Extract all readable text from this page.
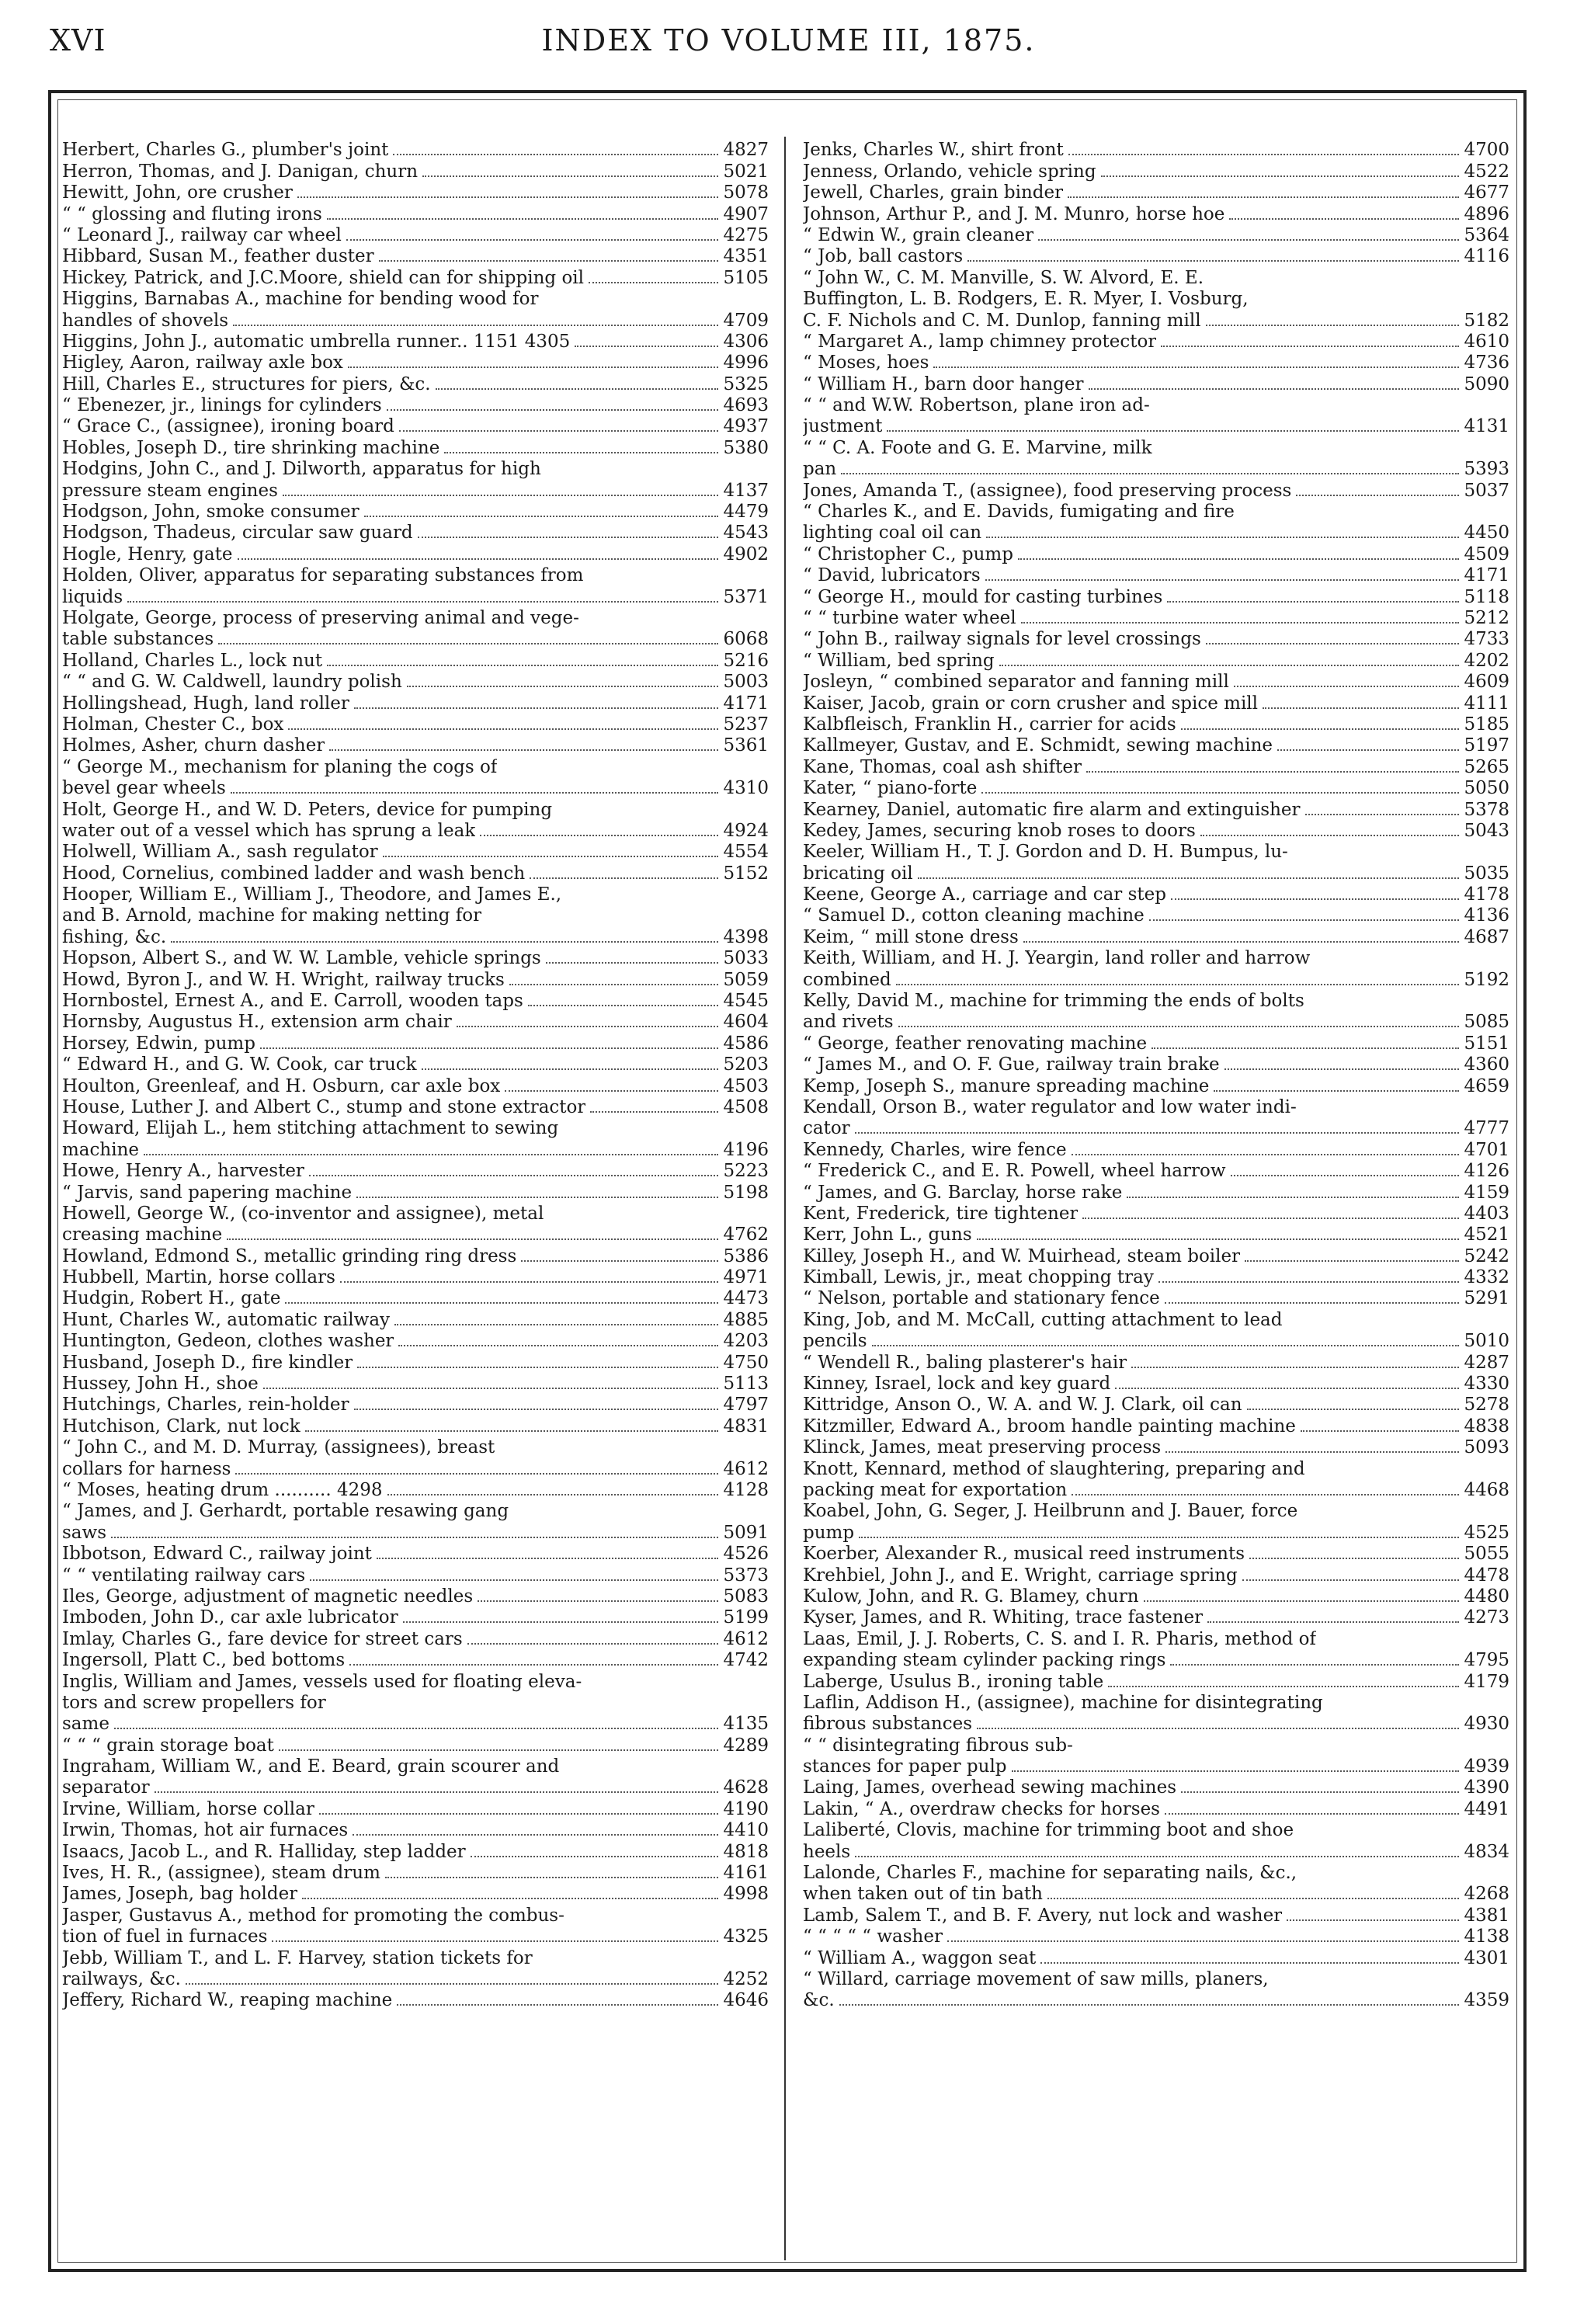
XVI	INDEX TO VOLUME III, 1875.
Herbert, Charles G., plumber's joint	4827
Herron, Thomas, and J. Danigan, churn	5021
Hewitt, John, ore crusher	5078
“ “ glossing and fluting irons	4907
“ Leonard J., railway car wheel	4275
Hibbard, Susan M., feather duster	4351
Hickey, Patrick, and J.C.Moore, shield can for shipping oil	5105
Higgins, Barnabas A., machine for bending wood for
handles of shovels	4709
Higgins, John J., automatic umbrella runner.. 1151 4305	4306
Higley, Aaron, railway axle box	4996
Hill, Charles E., structures for piers, &c.	5325
“ Ebenezer, jr., linings for cylinders	4693
“ Grace C., (assignee), ironing board	4937
Hobles, Joseph D., tire shrinking machine	5380
Hodgins, John C., and J. Dilworth, apparatus for high
pressure steam engines	4137
Hodgson, John, smoke consumer	4479
Hodgson, Thadeus, circular saw guard	4543
Hogle, Henry, gate	4902
Holden, Oliver, apparatus for separating substances from
liquids	5371
Holgate, George, process of preserving animal and vege-
table substances	6068
Holland, Charles L., lock nut	5216
“ “ and G. W. Caldwell, laundry polish	5003
Hollingshead, Hugh, land roller	4171
Holman, Chester C., box	5237
Holmes, Asher, churn dasher	5361
“ George M., mechanism for planing the cogs of
bevel gear wheels	4310
Holt, George H., and W. D. Peters, device for pumping
water out of a vessel which has sprung a leak	4924
Holwell, William A., sash regulator	4554
Hood, Cornelius, combined ladder and wash bench	5152
Hooper, William E., William J., Theodore, and James E.,
and B. Arnold, machine for making netting for
fishing, &c.	4398
Hopson, Albert S., and W. W. Lamble, vehicle springs	5033
Howd, Byron J., and W. H. Wright, railway trucks	5059
Hornbostel, Ernest A., and E. Carroll, wooden taps	4545
Hornsby, Augustus H., extension arm chair	4604
Horsey, Edwin, pump	4586
“ Edward H., and G. W. Cook, car truck	5203
Houlton, Greenleaf, and H. Osburn, car axle box	4503
House, Luther J. and Albert C., stump and stone extractor	4508
Howard, Elijah L., hem stitching attachment to sewing
machine	4196
Howe, Henry A., harvester	5223
“ Jarvis, sand papering machine	5198
Howell, George W., (co-inventor and assignee), metal
creasing machine	4762
Howland, Edmond S., metallic grinding ring dress	5386
Hubbell, Martin, horse collars	4971
Hudgin, Robert H., gate	4473
Hunt, Charles W., automatic railway	4885
Huntington, Gedeon, clothes washer	4203
Husband, Joseph D., fire kindler	4750
Hussey, John H., shoe	5113
Hutchings, Charles, rein-holder	4797
Hutchison, Clark, nut lock	4831
“ John C., and M. D. Murray, (assignees), breast
collars for harness	4612
“ Moses, heating drum .......... 4298	4128
“ James, and J. Gerhardt, portable resawing gang
saws	5091
Ibbotson, Edward C., railway joint	4526
“ “ ventilating railway cars	5373
Iles, George, adjustment of magnetic needles	5083
Imboden, John D., car axle lubricator	5199
Imlay, Charles G., fare device for street cars	4612
Ingersoll, Platt C., bed bottoms	4742
Inglis, William and James, vessels used for floating eleva-
tors and screw propellers for
same	4135
“ “ “ grain storage boat	4289
Ingraham, William W., and E. Beard, grain scourer and
separator	4628
Irvine, William, horse collar	4190
Irwin, Thomas, hot air furnaces	4410
Isaacs, Jacob L., and R. Halliday, step ladder	4818
Ives, H. R., (assignee), steam drum	4161
James, Joseph, bag holder	4998
Jasper, Gustavus A., method for promoting the combus-
tion of fuel in furnaces	4325
Jebb, William T., and L. F. Harvey, station tickets for
railways, &c.	4252
Jeffery, Richard W., reaping machine	4646
Jenks, Charles W., shirt front	4700
Jenness, Orlando, vehicle spring	4522
Jewell, Charles, grain binder	4677
Johnson, Arthur P., and J. M. Munro, horse hoe	4896
“ Edwin W., grain cleaner	5364
“ Job, ball castors	4116
“ John W., C. M. Manville, S. W. Alvord, E. E.
Buffington, L. B. Rodgers, E. R. Myer, I. Vosburg,
C. F. Nichols and C. M. Dunlop, fanning mill	5182
“ Margaret A., lamp chimney protector	4610
“ Moses, hoes	4736
“ William H., barn door hanger	5090
“ “ and W.W. Robertson, plane iron ad-
justment	4131
“ “ C. A. Foote and G. E. Marvine, milk
pan	5393
Jones, Amanda T., (assignee), food preserving process	5037
“ Charles K., and E. Davids, fumigating and fire
lighting coal oil can	4450
“ Christopher C., pump	4509
“ David, lubricators	4171
“ George H., mould for casting turbines	5118
“ “ turbine water wheel	5212
“ John B., railway signals for level crossings	4733
“ William, bed spring	4202
Josleyn, “ combined separator and fanning mill	4609
Kaiser, Jacob, grain or corn crusher and spice mill	4111
Kalbfleisch, Franklin H., carrier for acids	5185
Kallmeyer, Gustav, and E. Schmidt, sewing machine	5197
Kane, Thomas, coal ash shifter	5265
Kater, “ piano-forte	5050
Kearney, Daniel, automatic fire alarm and extinguisher	5378
Kedey, James, securing knob roses to doors	5043
Keeler, William H., T. J. Gordon and D. H. Bumpus, lu-
bricating oil	5035
Keene, George A., carriage and car step	4178
“ Samuel D., cotton cleaning machine	4136
Keim, “ mill stone dress	4687
Keith, William, and H. J. Yeargin, land roller and harrow
combined	5192
Kelly, David M., machine for trimming the ends of bolts
and rivets	5085
“ George, feather renovating machine	5151
“ James M., and O. F. Gue, railway train brake	4360
Kemp, Joseph S., manure spreading machine	4659
Kendall, Orson B., water regulator and low water indi-
cator	4777
Kennedy, Charles, wire fence	4701
“ Frederick C., and E. R. Powell, wheel harrow	4126
“ James, and G. Barclay, horse rake	4159
Kent, Frederick, tire tightener	4403
Kerr, John L., guns	4521
Killey, Joseph H., and W. Muirhead, steam boiler	5242
Kimball, Lewis, jr., meat chopping tray	4332
“ Nelson, portable and stationary fence	5291
King, Job, and M. McCall, cutting attachment to lead
pencils	5010
“ Wendell R., baling plasterer's hair	4287
Kinney, Israel, lock and key guard	4330
Kittridge, Anson O., W. A. and W. J. Clark, oil can	5278
Kitzmiller, Edward A., broom handle painting machine	4838
Klinck, James, meat preserving process	5093
Knott, Kennard, method of slaughtering, preparing and
packing meat for exportation	4468
Koabel, John, G. Seger, J. Heilbrunn and J. Bauer, force
pump	4525
Koerber, Alexander R., musical reed instruments	5055
Krehbiel, John J., and E. Wright, carriage spring	4478
Kulow, John, and R. G. Blamey, churn	4480
Kyser, James, and R. Whiting, trace fastener	4273
Laas, Emil, J. J. Roberts, C. S. and I. R. Pharis, method of
expanding steam cylinder packing rings	4795
Laberge, Usulus B., ironing table	4179
Laflin, Addison H., (assignee), machine for disintegrating
fibrous substances	4930
“ “ disintegrating fibrous sub-
stances for paper pulp	4939
Laing, James, overhead sewing machines	4390
Lakin, “ A., overdraw checks for horses	4491
Laliberté, Clovis, machine for trimming boot and shoe
heels	4834
Lalonde, Charles F., machine for separating nails, &c.,
when taken out of tin bath	4268
Lamb, Salem T., and B. F. Avery, nut lock and washer	4381
“ “ “ “ “ washer	4138
“ William A., waggon seat	4301
“ Willard, carriage movement of saw mills, planers,
&c.	4359
